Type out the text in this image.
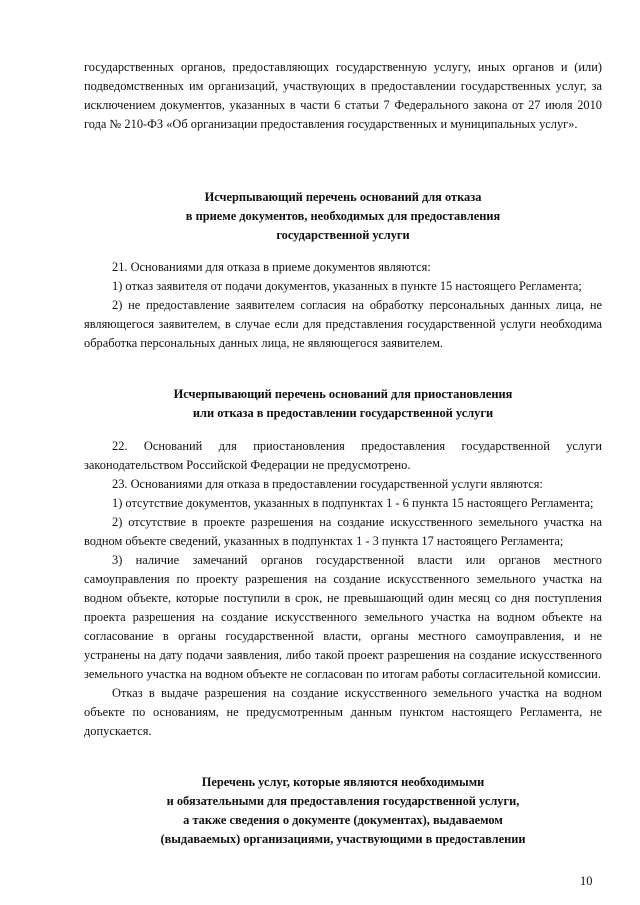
государственных органов, предоставляющих государственную услугу, иных органов и (или) подведомственных им организаций, участвующих в предоставлении государственных услуг, за исключением документов, указанных в части 6 статьи 7 Федерального закона от 27 июля 2010 года № 210-ФЗ «Об организации предоставления государственных и муниципальных услуг».

Исчерпывающий перечень оснований для отказа
в приеме документов, необходимых для предоставления
государственной услуги

21. Основаниями для отказа в приеме документов являются:

1) отказ заявителя от подачи документов, указанных в пункте 15 настоящего Регламента;

2) не предоставление заявителем согласия на обработку персональных данных лица, не являющегося заявителем, в случае если для представления государственной услуги необходима обработка персональных данных лица, не являющегося заявителем.

Исчерпывающий перечень оснований для приостановления
или отказа в предоставлении государственной услуги

22. Оснований для приостановления предоставления государственной услуги законодательством Российской Федерации не предусмотрено.

23. Основаниями для отказа в предоставлении государственной услуги являются:

1) отсутствие документов, указанных в подпунктах 1 - 6 пункта 15 настоящего Регламента;

2) отсутствие в проекте разрешения на создание искусственного земельного участка на водном объекте сведений, указанных в подпунктах 1 - 3 пункта 17 настоящего Регламента;

3) наличие замечаний органов государственной власти или органов местного самоуправления по проекту разрешения на создание искусственного земельного участка на водном объекте, которые поступили в срок, не превышающий один месяц со дня поступления проекта разрешения на создание искусственного земельного участка на водном объекте на согласование в органы государственной власти, органы местного самоуправления, и не устранены на дату подачи заявления, либо такой проект разрешения на создание искусственного земельного участка на водном объекте не согласован по итогам работы согласительной комиссии.

Отказ в выдаче разрешения на создание искусственного земельного участка на водном объекте по основаниям, не предусмотренным данным пунктом настоящего Регламента, не допускается.

Перечень услуг, которые являются необходимыми
и обязательными для предоставления государственной услуги,
а также сведения о документе (документах), выдаваемом
(выдаваемых) организациями, участвующими в предоставлении
10
